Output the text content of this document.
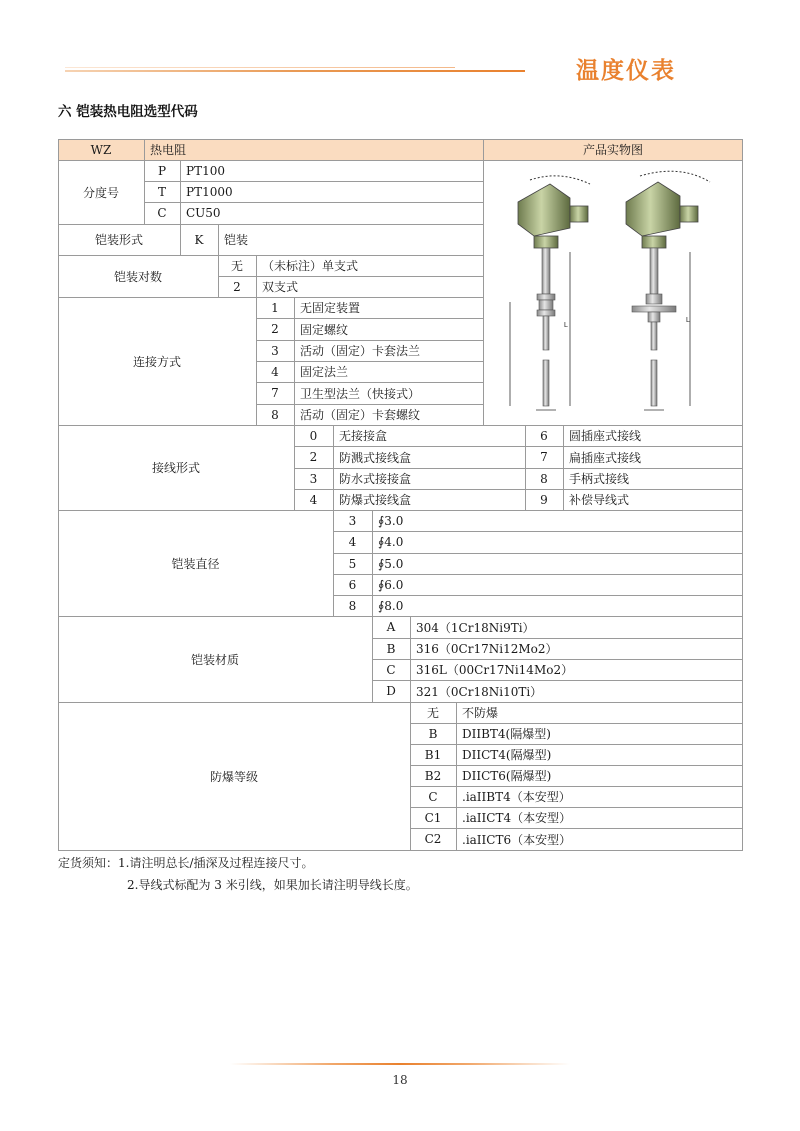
温度仪表
六 铠装热电阻选型代码
WZ	热电阻	产品实物图
分度号
P	PT100
T	PT1000
C	CU50
铠装形式	K	铠装
铠装对数
无	（未标注）单支式
2	双支式
连接方式
1	无固定装置
2	固定螺纹
3	活动（固定）卡套法兰
4	固定法兰
7	卫生型法兰（快接式）
8	活动（固定）卡套螺纹
接线形式
0	无接接盒	6	圆插座式接线
2	防溅式接线盒	7	扁插座式接线
3	防水式接接盒	8	手柄式接线
4	防爆式接线盒	9	补偿导线式
铠装直径
3	∮3.0
4	∮4.0
5	∮5.0
6	∮6.0
8	∮8.0
铠装材质
A	304（1Cr18Ni9Ti）
B	316（0Cr17Ni12Mo2）
C	316L（00Cr17Ni14Mo2）
D	321（0Cr18Ni10Ti）
防爆等级
无	不防爆
B	DIIBT4(隔爆型)
B1	DIICT4(隔爆型)
B2	DIICT6(隔爆型)
C	.iaIIBT4（本安型）
C1	.iaIICT4（本安型）
C2	.iaIICT6（本安型）
L
L
定货须知：1.请注明总长/插深及过程连接尺寸。
2.导线式标配为 3 米引线，如果加长请注明导线长度。
18
